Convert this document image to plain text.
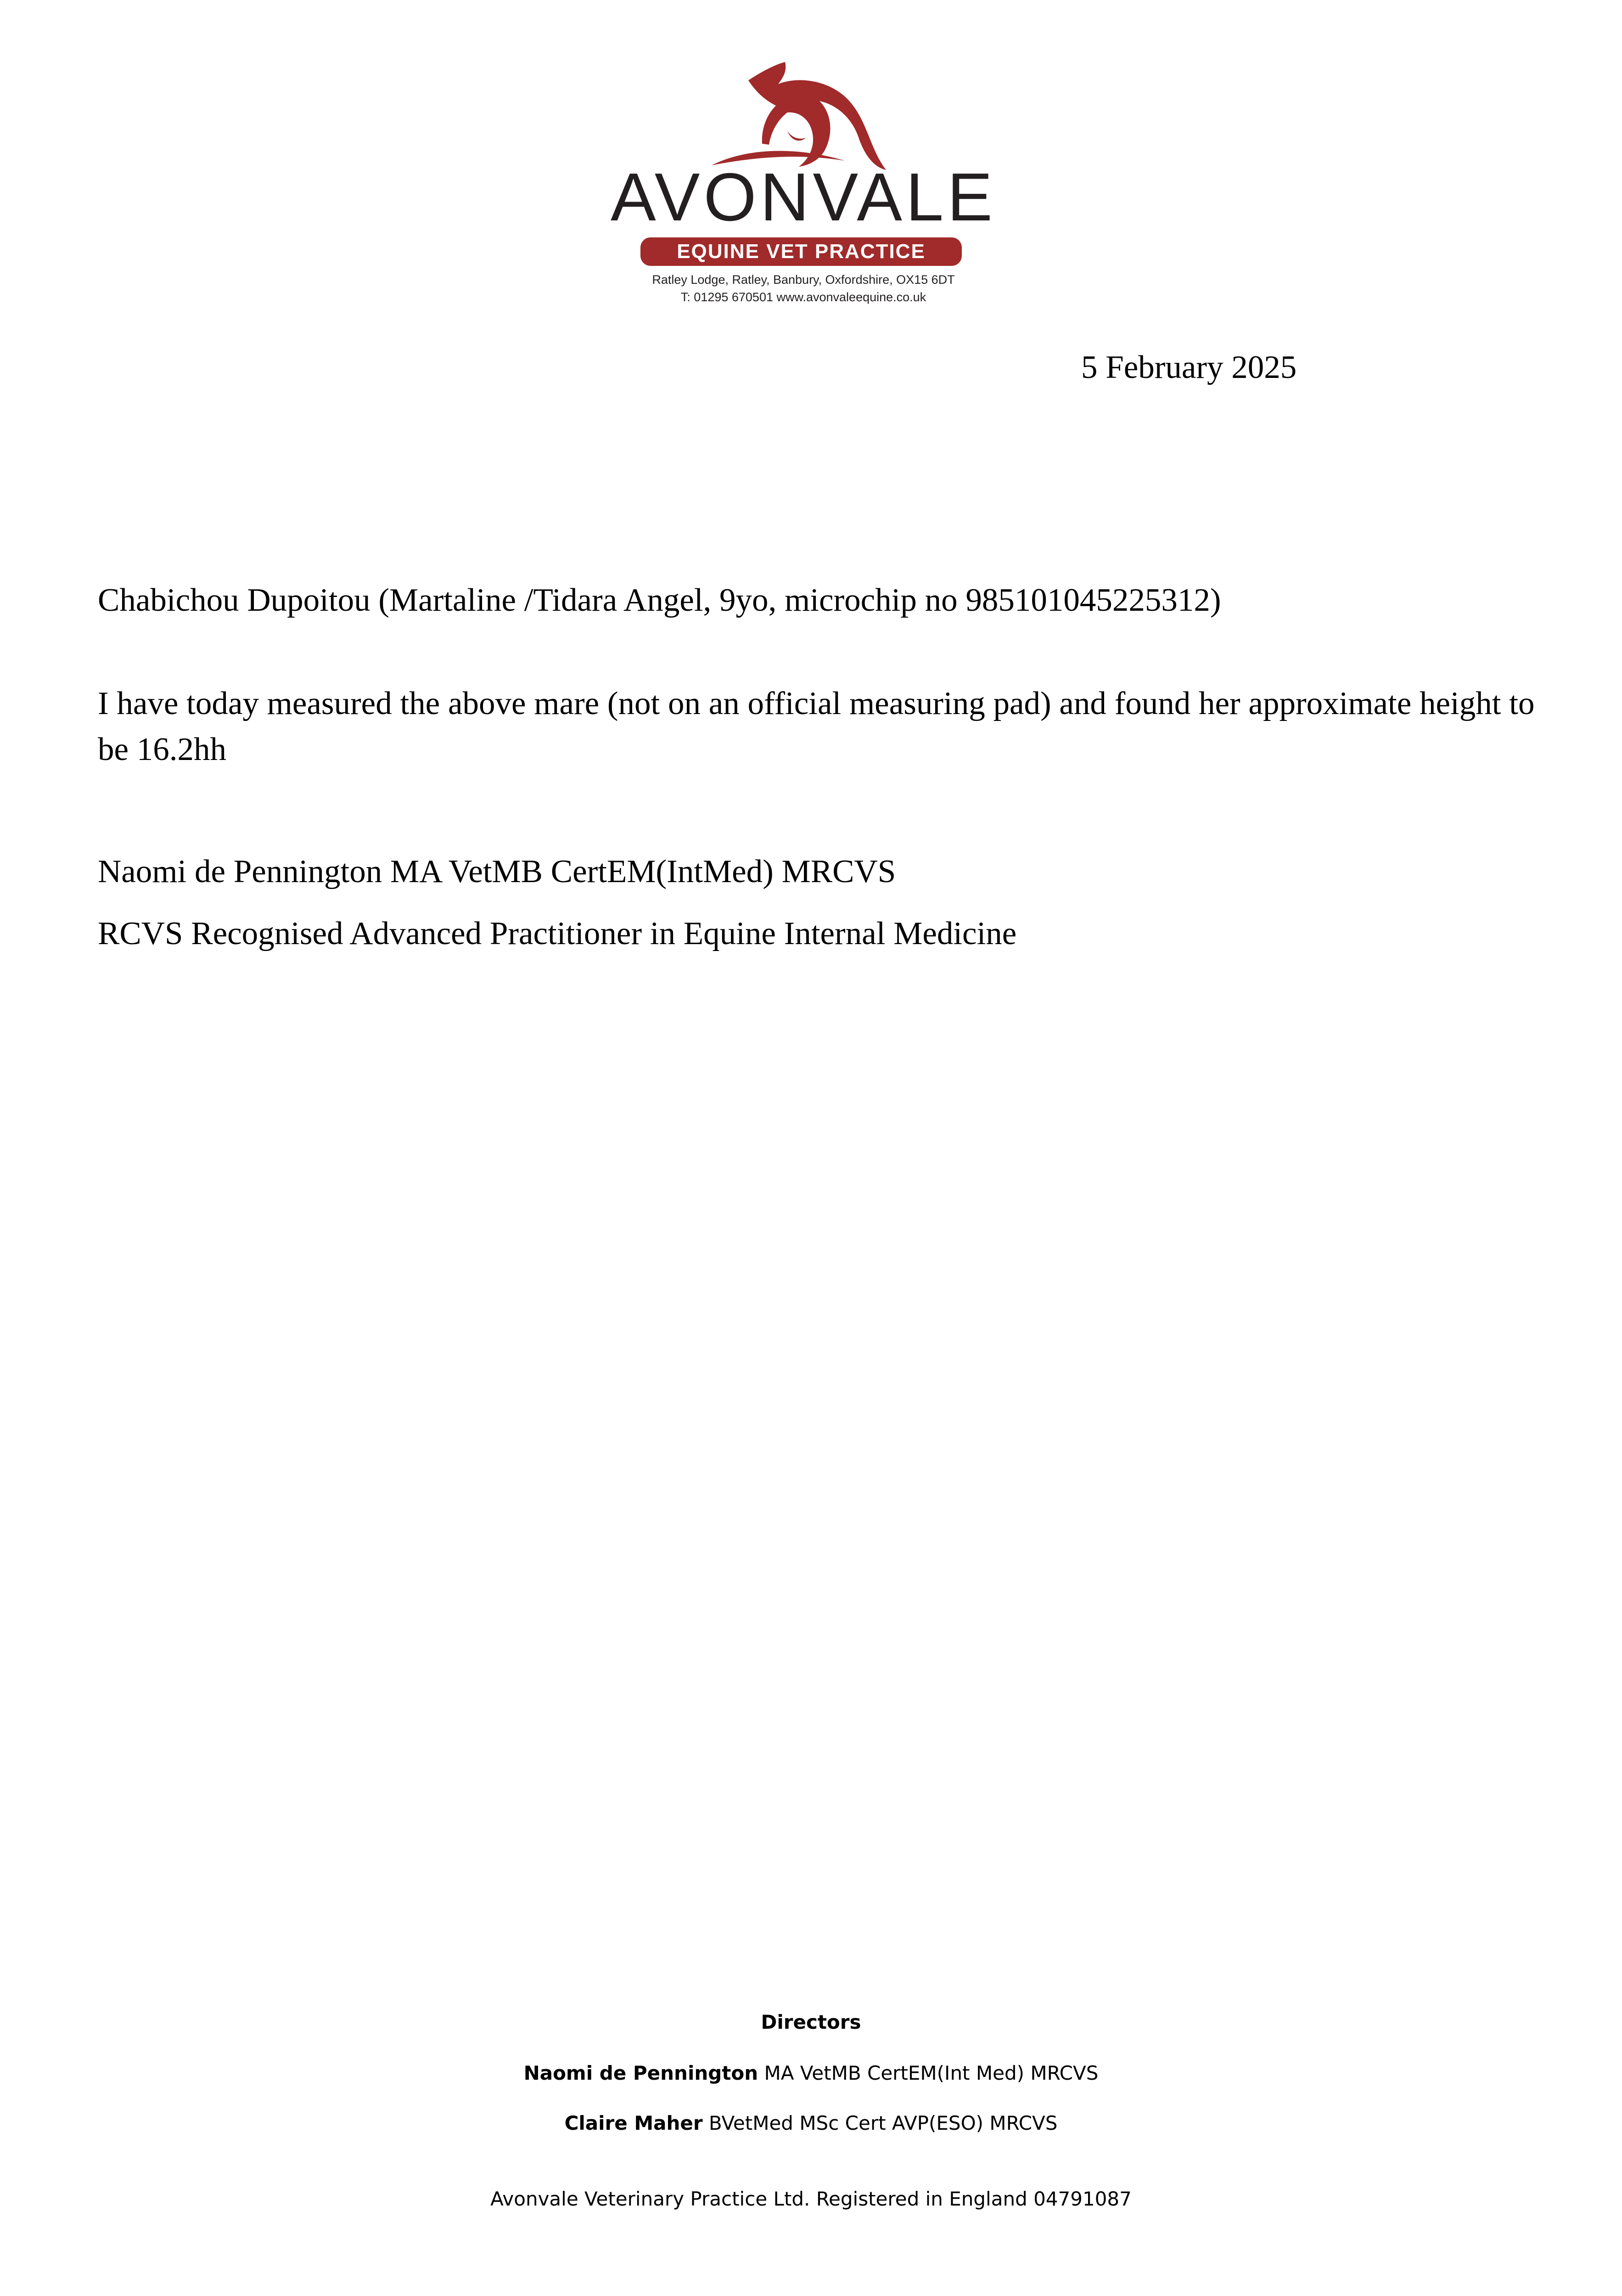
AVONVALE
EQUINE VET PRACTICE
Ratley Lodge, Ratley, Banbury, Oxfordshire, OX15 6DT
T: 01295 670501 www.avonvaleequine.co.uk

5 February 2025

Chabichou Dupoitou (Martaline /Tidara Angel, 9yo, microchip no 985101045225312)

I have today measured the above mare (not on an official measuring pad) and found her approximate height to be 16.2hh

Naomi de Pennington MA VetMB CertEM(IntMed) MRCVS

RCVS Recognised Advanced Practitioner in Equine Internal Medicine

Directors
Naomi de Pennington MA VetMB CertEM(Int Med) MRCVS
Claire Maher BVetMed MSc Cert AVP(ESO) MRCVS
Avonvale Veterinary Practice Ltd. Registered in England 04791087
